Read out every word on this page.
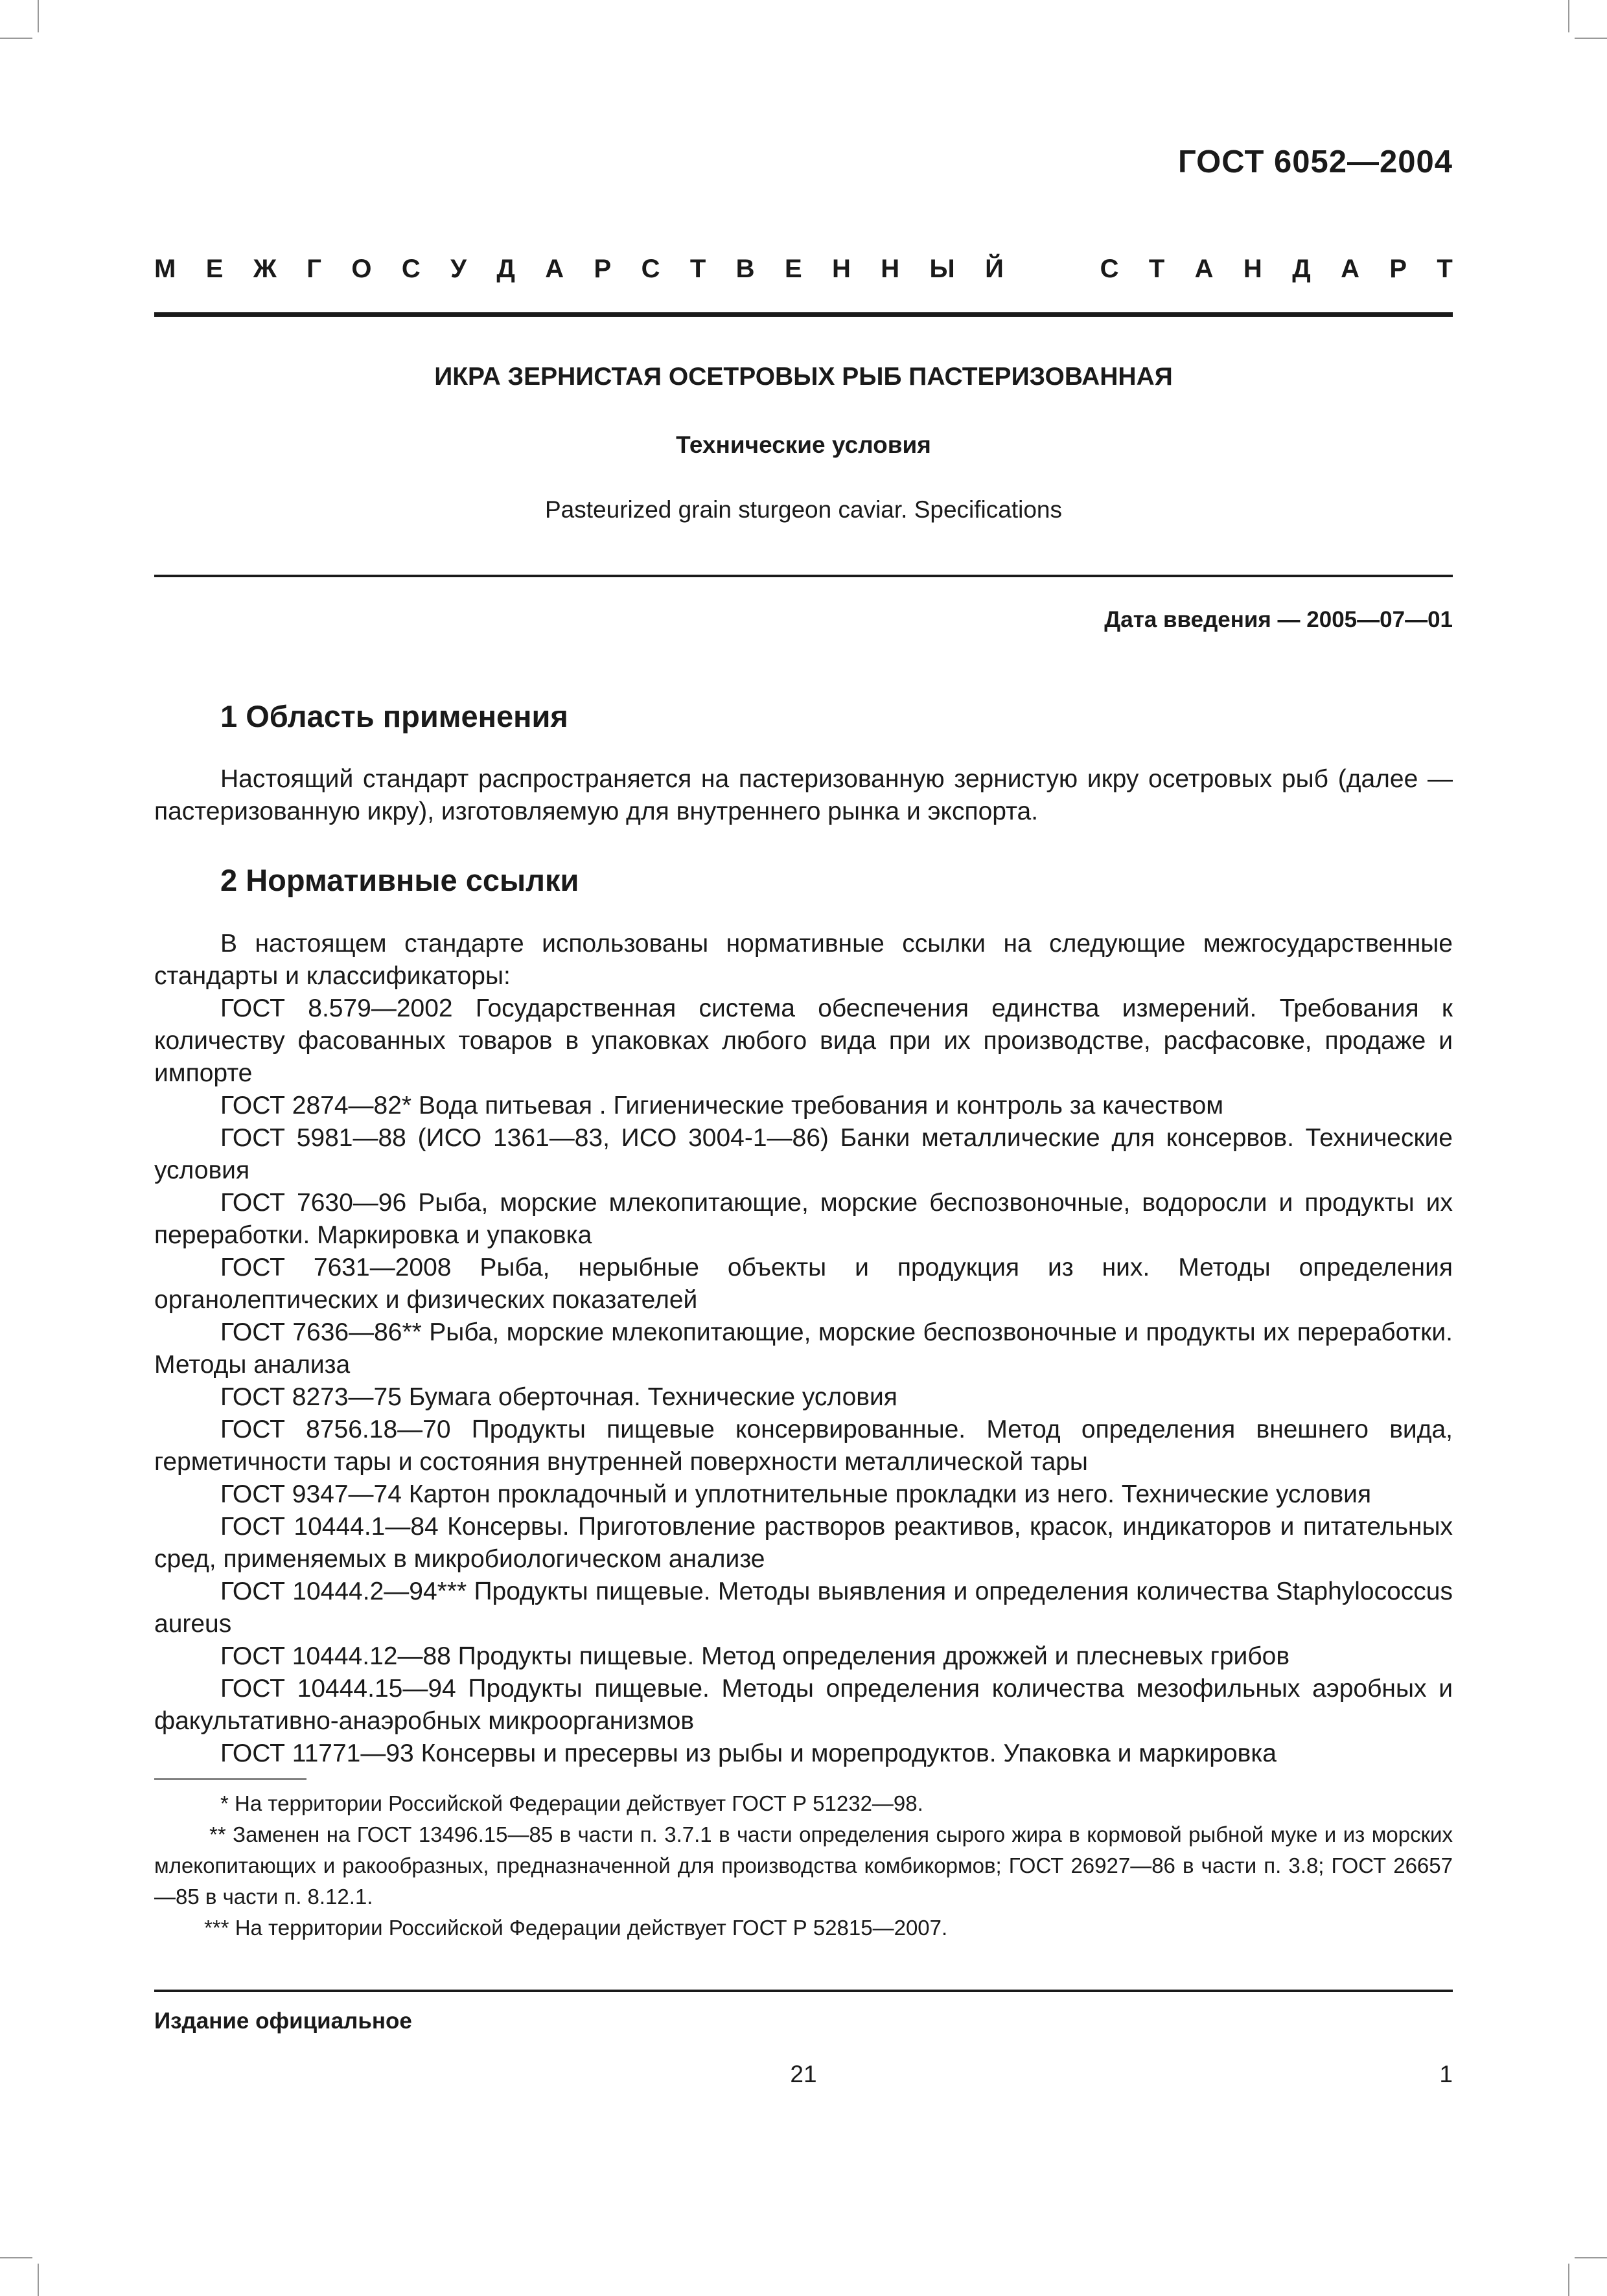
ГОСТ 6052—2004
М Е Ж Г О С У Д А Р С Т В Е Н Н Ы Й	С Т А Н Д А Р Т
ИКРА ЗЕРНИСТАЯ ОСЕТРОВЫХ РЫБ ПАСТЕРИЗОВАННАЯ
Технические условия
Pasteurized grain sturgeon caviar. Specifications
Дата введения — 2005—07—01
1 Область применения

Настоящий стандарт распространяется на пастеризованную зернистую икру осетровых рыб (далее — пастеризованную икру), изготовляемую для внутреннего рынка и экспорта.

2 Нормативные ссылки

В настоящем стандарте использованы нормативные ссылки на следующие межгосударственные стандарты и классификаторы:

ГОСТ 8.579—2002 Государственная система обеспечения единства измерений. Требования к количеству фасованных товаров в упаковках любого вида при их производстве, расфасовке, продаже и импорте

ГОСТ 2874—82* Вода питьевая . Гигиенические требования и контроль за качеством

ГОСТ 5981—88 (ИСО 1361—83, ИСО 3004-1—86) Банки металлические для консервов. Технические условия

ГОСТ 7630—96 Рыба, морские млекопитающие, морские беспозвоночные, водоросли и продукты их переработки. Маркировка и упаковка

ГОСТ 7631—2008 Рыба, нерыбные объекты и продукция из них. Методы определения органолептических и физических показателей

ГОСТ 7636—86** Рыба, морские млекопитающие, морские беспозвоночные и продукты их переработки. Методы анализа

ГОСТ 8273—75 Бумага оберточная. Технические условия

ГОСТ 8756.18—70 Продукты пищевые консервированные. Метод определения внешнего вида, герметичности тары и состояния внутренней поверхности металлической тары

ГОСТ 9347—74 Картон прокладочный и уплотнительные прокладки из него. Технические условия

ГОСТ 10444.1—84 Консервы. Приготовление растворов реактивов, красок, индикаторов и питательных сред, применяемых в микробиологическом анализе

ГОСТ 10444.2—94*** Продукты пищевые. Методы выявления и определения количества Staphylococcus aureus

ГОСТ 10444.12—88 Продукты пищевые. Метод определения дрожжей и плесневых грибов

ГОСТ 10444.15—94 Продукты пищевые. Методы определения количества мезофильных аэробных и факультативно-анаэробных микроорганизмов

ГОСТ 11771—93 Консервы и пресервы из рыбы и морепродуктов. Упаковка и маркировка

* На территории Российской Федерации действует ГОСТ Р 51232—98.

** Заменен на ГОСТ 13496.15—85 в части п. 3.7.1 в части определения сырого жира в кормовой рыбной муке и из морских млекопитающих и ракообразных, предназначенной для производства комбикормов; ГОСТ 26927—86 в части п. 3.8; ГОСТ 26657—85 в части п. 8.12.1.

*** На территории Российской Федерации действует ГОСТ Р 52815—2007.

Издание официальное
21	1
